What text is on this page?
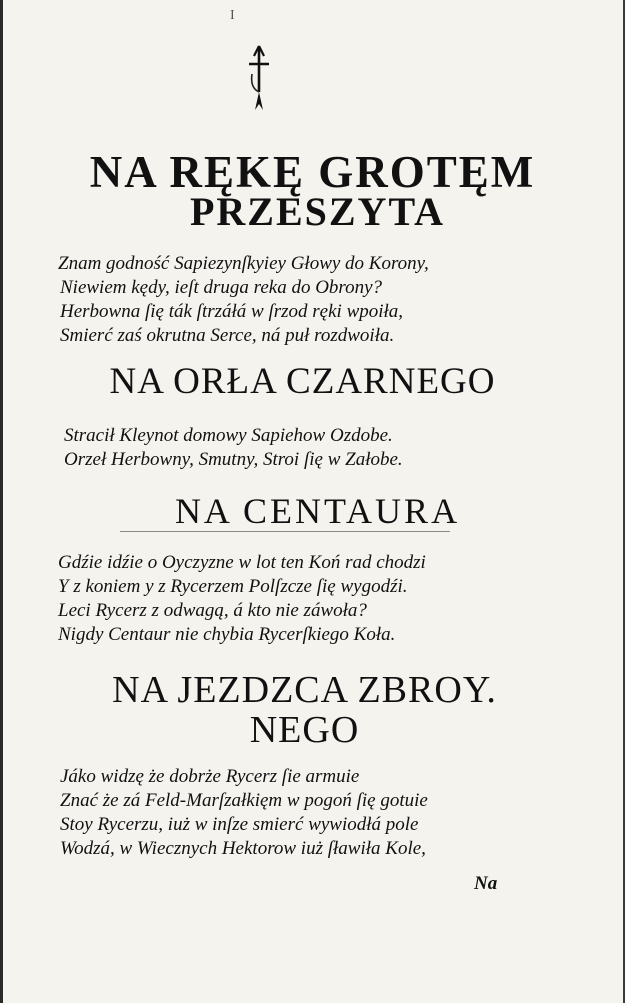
I
NA RĘKĘ GROTĘM
PRZESZYTA
Znam godność Sapiezynſkyiey Głowy do Korony,
Niewiem kędy, ieſt druga reka do Obrony?
Herbowna ſię ták ſtrzáłá w ſrzod ręki wpoiła,
Smierć zaś okrutna Serce, ná puł rozdwoiła.
NA ORŁA CZARNEGO
Stracił Kleynot domowy Sapiehow Ozdobe.
Orzeł Herbowny, Smutny, Stroi ſię w Załobe.
NA CENTAURA
Gdźie idźie o Oyczyzne w lot ten Koń rad chodzi
Y z koniem y z Rycerzem Polſzcze ſię wygodźi.
Leci Rycerz z odwagą, á kto nie záwoła?
Nigdy Centaur nie chybia Rycerſkiego Koła.
NA JEZDZCA ZBROY.
NEGO
Jáko widzę że dobrże Rycerz ſie armuie
Znać że zá Feld-Marſzałkięm w pogoń ſię gotuie
Stoy Rycerzu, iuż w inſze smierć wywiodłá pole
Wodzá, w Wiecznych Hektorow iuż ſławiła Kole,
Na
